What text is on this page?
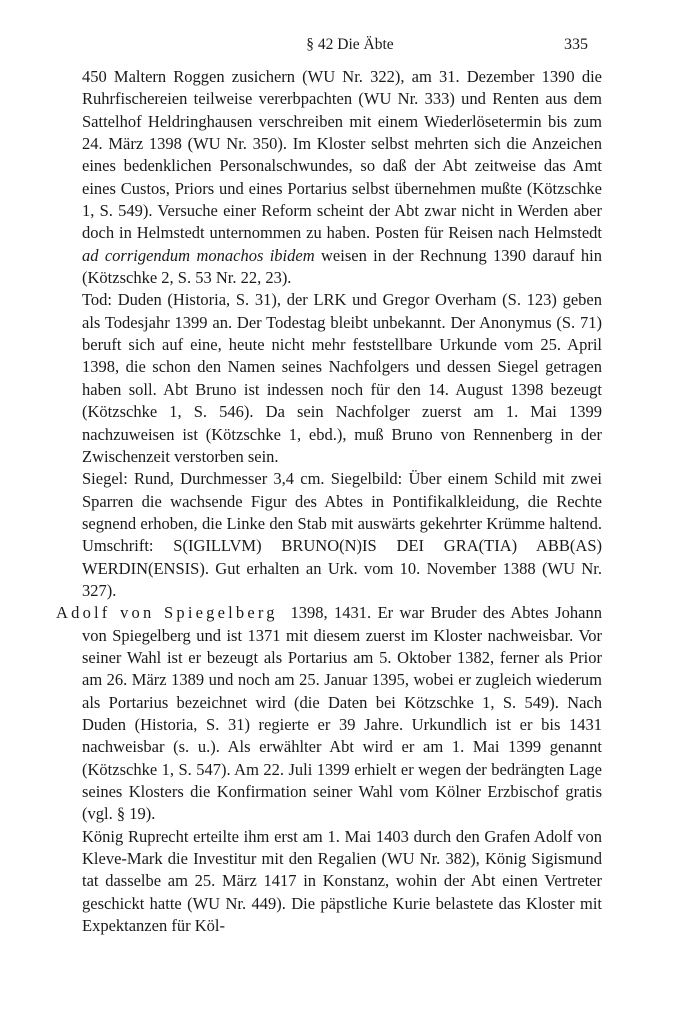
§ 42 Die Äbte	335

450 Maltern Roggen zusichern (WU Nr. 322), am 31. Dezember 1390 die Ruhrfischereien teilweise vererbpachten (WU Nr. 333) und Renten aus dem Sattelhof Heldringhausen verschreiben mit einem Wiederlösetermin bis zum 24. März 1398 (WU Nr. 350). Im Kloster selbst mehrten sich die Anzeichen eines bedenklichen Personalschwundes, so daß der Abt zeitweise das Amt eines Custos, Priors und eines Portarius selbst übernehmen mußte (Kötzschke 1, S. 549). Versuche einer Reform scheint der Abt zwar nicht in Werden aber doch in Helmstedt unternommen zu haben. Posten für Reisen nach Helmstedt ad corrigendum monachos ibidem weisen in der Rechnung 1390 darauf hin (Kötzschke 2, S. 53 Nr. 22, 23).

Tod: Duden (Historia, S. 31), der LRK und Gregor Overham (S. 123) geben als Todesjahr 1399 an. Der Todestag bleibt unbekannt. Der Anonymus (S. 71) beruft sich auf eine, heute nicht mehr feststellbare Urkunde vom 25. April 1398, die schon den Namen seines Nachfolgers und dessen Siegel getragen haben soll. Abt Bruno ist indessen noch für den 14. August 1398 bezeugt (Kötzschke 1, S. 546). Da sein Nachfolger zuerst am 1. Mai 1399 nachzuweisen ist (Kötzschke 1, ebd.), muß Bruno von Rennenberg in der Zwischenzeit verstorben sein.

Siegel: Rund, Durchmesser 3,4 cm. Siegelbild: Über einem Schild mit zwei Sparren die wachsende Figur des Abtes in Pontifikalkleidung, die Rechte segnend erhoben, die Linke den Stab mit auswärts gekehrter Krümme haltend. Umschrift: S(IGILLVM) BRUNO(N)IS DEI GRA(TIA) ABB(AS) WERDIN(ENSIS). Gut erhalten an Urk. vom 10. November 1388 (WU Nr. 327).

Adolf von Spiegelberg  1398, 1431. Er war Bruder des Abtes Johann von Spiegelberg und ist 1371 mit diesem zuerst im Kloster nachweisbar. Vor seiner Wahl ist er bezeugt als Portarius am 5. Oktober 1382, ferner als Prior am 26. März 1389 und noch am 25. Januar 1395, wobei er zugleich wiederum als Portarius bezeichnet wird (die Daten bei Kötzschke 1, S. 549). Nach Duden (Historia, S. 31) regierte er 39 Jahre. Urkundlich ist er bis 1431 nachweisbar (s. u.). Als erwählter Abt wird er am 1. Mai 1399 genannt (Kötzschke 1, S. 547). Am 22. Juli 1399 erhielt er wegen der bedrängten Lage seines Klosters die Konfirmation seiner Wahl vom Kölner Erzbischof gratis (vgl. § 19).

König Ruprecht erteilte ihm erst am 1. Mai 1403 durch den Grafen Adolf von Kleve-Mark die Investitur mit den Regalien (WU Nr. 382), König Sigismund tat dasselbe am 25. März 1417 in Konstanz, wohin der Abt einen Vertreter geschickt hatte (WU Nr. 449). Die päpstliche Kurie belastete das Kloster mit Expektanzen für Köl-
